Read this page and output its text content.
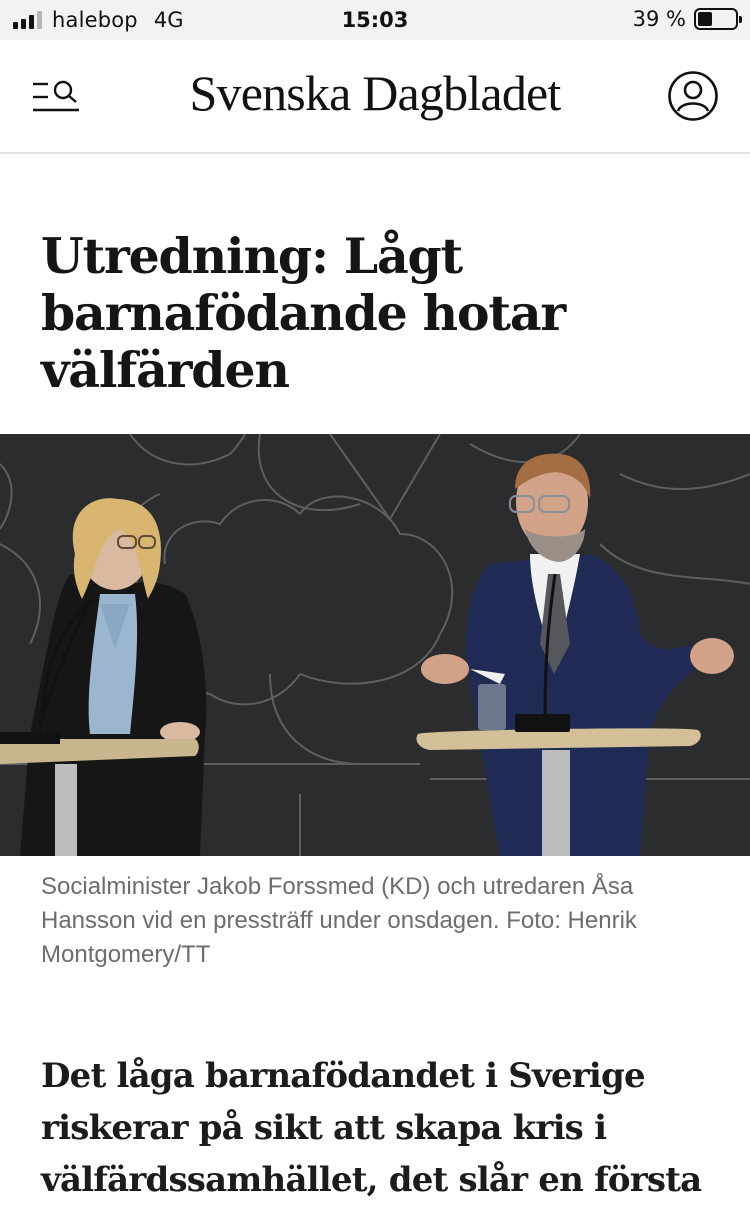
halebop 4G	15:03	39 %
Svenska Dagbladet
Utredning: Lågt barnafödande hotar välfärden

Socialminister Jakob Forssmed (KD) och utredaren Åsa Hansson vid en pressträff under onsdagen. Foto: Henrik Montgomery/TT

Det låga barnafödandet i Sverige riskerar på sikt att skapa kris i välfärdssamhället, det slår en första
